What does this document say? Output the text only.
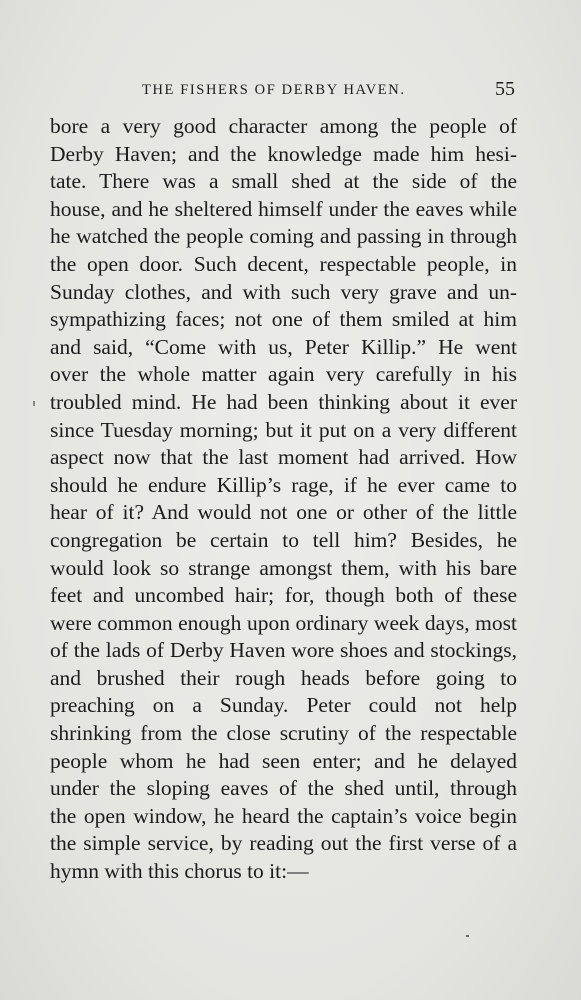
THE FISHERS OF DERBY HAVEN.	55
bore a very good character among the people of
Derby Haven; and the knowledge made him hesi-
tate. There was a small shed at the side of the
house, and he sheltered himself under the eaves while
he watched the people coming and passing in through
the open door. Such decent, respectable people, in
Sunday clothes, and with such very grave and un-
sympathizing faces; not one of them smiled at him
and said, “Come with us, Peter Killip.” He went
over the whole matter again very carefully in his
troubled mind. He had been thinking about it ever
since Tuesday morning; but it put on a very different
aspect now that the last moment had arrived. How
should he endure Killip’s rage, if he ever came to
hear of it? And would not one or other of the little
congregation be certain to tell him? Besides, he
would look so strange amongst them, with his bare
feet and uncombed hair; for, though both of these
were common enough upon ordinary week days, most
of the lads of Derby Haven wore shoes and stockings,
and brushed their rough heads before going to
preaching on a Sunday. Peter could not help
shrinking from the close scrutiny of the respectable
people whom he had seen enter; and he delayed
under the sloping eaves of the shed until, through
the open window, he heard the captain’s voice begin
the simple service, by reading out the first verse of a
hymn with this chorus to it:—
